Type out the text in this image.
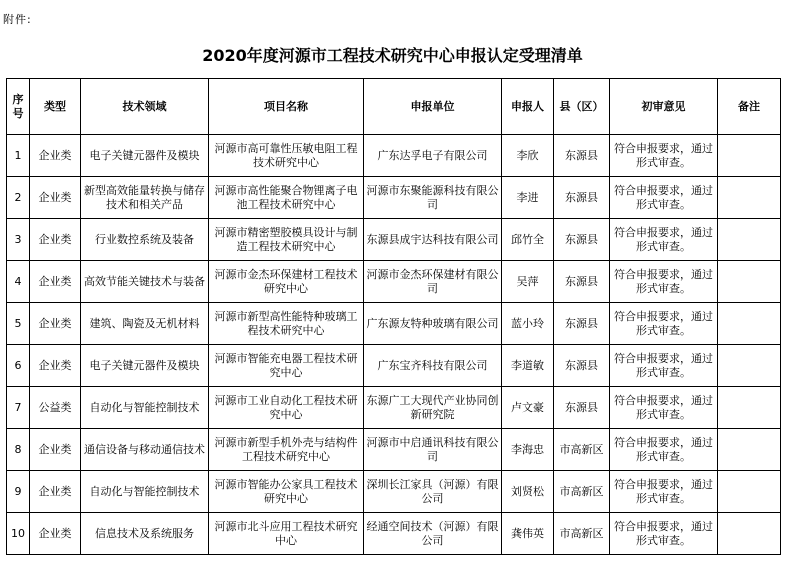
附件:
2020年度河源市工程技术研究中心申报认定受理清单
序号	类型	技术领域	项目名称	申报单位	申报人	县（区）	初审意见	备注
1	企业类	电子关键元器件及模块	河源市高可靠性压敏电阻工程技术研究中心	广东达孚电子有限公司	李欣	东源县	符合申报要求，通过形式审查。	
2	企业类	新型高效能量转换与储存技术和相关产品	河源市高性能聚合物锂离子电池工程技术研究中心	河源市东聚能源科技有限公司	李进	东源县	符合申报要求，通过形式审查。	
3	企业类	行业数控系统及装备	河源市精密塑胶模具设计与制造工程技术研究中心	东源县成宇达科技有限公司	邱竹全	东源县	符合申报要求，通过形式审查。	
4	企业类	高效节能关键技术与装备	河源市金杰环保建材工程技术研究中心	河源市金杰环保建材有限公司	吴萍	东源县	符合申报要求，通过形式审查。	
5	企业类	建筑、陶瓷及无机材料	河源市新型高性能特种玻璃工程技术研究中心	广东源友特种玻璃有限公司	蓝小玲	东源县	符合申报要求，通过形式审查。	
6	企业类	电子关键元器件及模块	河源市智能充电器工程技术研究中心	广东宝齐科技有限公司	李道敏	东源县	符合申报要求，通过形式审查。	
7	公益类	自动化与智能控制技术	河源市工业自动化工程技术研究中心	东源广工大现代产业协同创新研究院	卢文豪	东源县	符合申报要求，通过形式审查。	
8	企业类	通信设备与移动通信技术	河源市新型手机外壳与结构件工程技术研究中心	河源市中启通讯科技有限公司	李海忠	市高新区	符合申报要求，通过形式审查。	
9	企业类	自动化与智能控制技术	河源市智能办公家具工程技术研究中心	深圳长江家具（河源）有限公司	刘贤松	市高新区	符合申报要求，通过形式审查。	
10	企业类	信息技术及系统服务	河源市北斗应用工程技术研究中心	经通空间技术（河源）有限公司	龚伟英	市高新区	符合申报要求，通过形式审查。	
